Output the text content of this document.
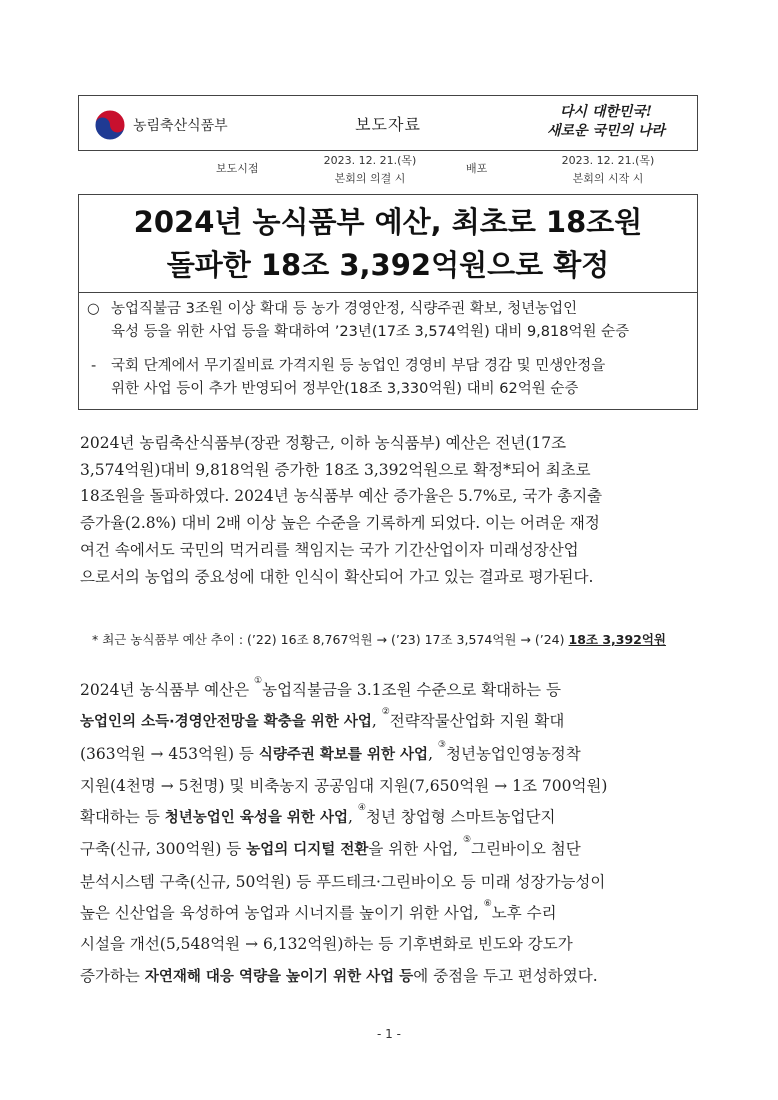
농림축산식품부	보도자료
다시 대한민국!
새로운 국민의 나라
보도시점
2023. 12. 21.(목)
본회의 의결 시
배포
2023. 12. 21.(목)
본회의 시작 시
2024년 농식품부 예산, 최초로 18조원
돌파한 18조 3,392억원으로 확정
○ 농업직불금 3조원 이상 확대 등 농가 경영안정, 식량주권 확보, 청년농업인
육성 등을 위한 사업 등을 확대하여 ’23년(17조 3,574억원) 대비 9,818억원 순증
- 국회 단계에서 무기질비료 가격지원 등 농업인 경영비 부담 경감 및 민생안정을
위한 사업 등이 추가 반영되어 정부안(18조 3,330억원) 대비 62억원 순증
2024년 농림축산식품부(장관 정황근, 이하 농식품부) 예산은 전년(17조
3,574억원)대비 9,818억원 증가한 18조 3,392억원으로 확정*되어 최초로
18조원을 돌파하였다. 2024년 농식품부 예산 증가율은 5.7%로, 국가 총지출
증가율(2.8%) 대비 2배 이상 높은 수준을 기록하게 되었다. 이는 어려운 재정
여건 속에서도 국민의 먹거리를 책임지는 국가 기간산업이자 미래성장산업
으로서의 농업의 중요성에 대한 인식이 확산되어 가고 있는 결과로 평가된다.
* 최근 농식품부 예산 추이 : (’22) 16조 8,767억원 → (’23) 17조 3,574억원 → (’24) 18조 3,392억원
2024년 농식품부 예산은 ①농업직불금을 3.1조원 수준으로 확대하는 등
농업인의 소득·경영안전망을 확충을 위한 사업, ②전략작물산업화 지원 확대
(363억원 → 453억원) 등 식량주권 확보를 위한 사업, ③청년농업인영농정착
지원(4천명 → 5천명) 및 비축농지 공공임대 지원(7,650억원 → 1조 700억원)
확대하는 등 청년농업인 육성을 위한 사업, ④청년 창업형 스마트농업단지
구축(신규, 300억원) 등 농업의 디지털 전환을 위한 사업, ⑤그린바이오 첨단
분석시스템 구축(신규, 50억원) 등 푸드테크·그린바이오 등 미래 성장가능성이
높은 신산업을 육성하여 농업과 시너지를 높이기 위한 사업, ⑥노후 수리
시설을 개선(5,548억원 → 6,132억원)하는 등 기후변화로 빈도와 강도가
증가하는 자연재해 대응 역량을 높이기 위한 사업 등에 중점을 두고 편성하였다.
- 1 -
